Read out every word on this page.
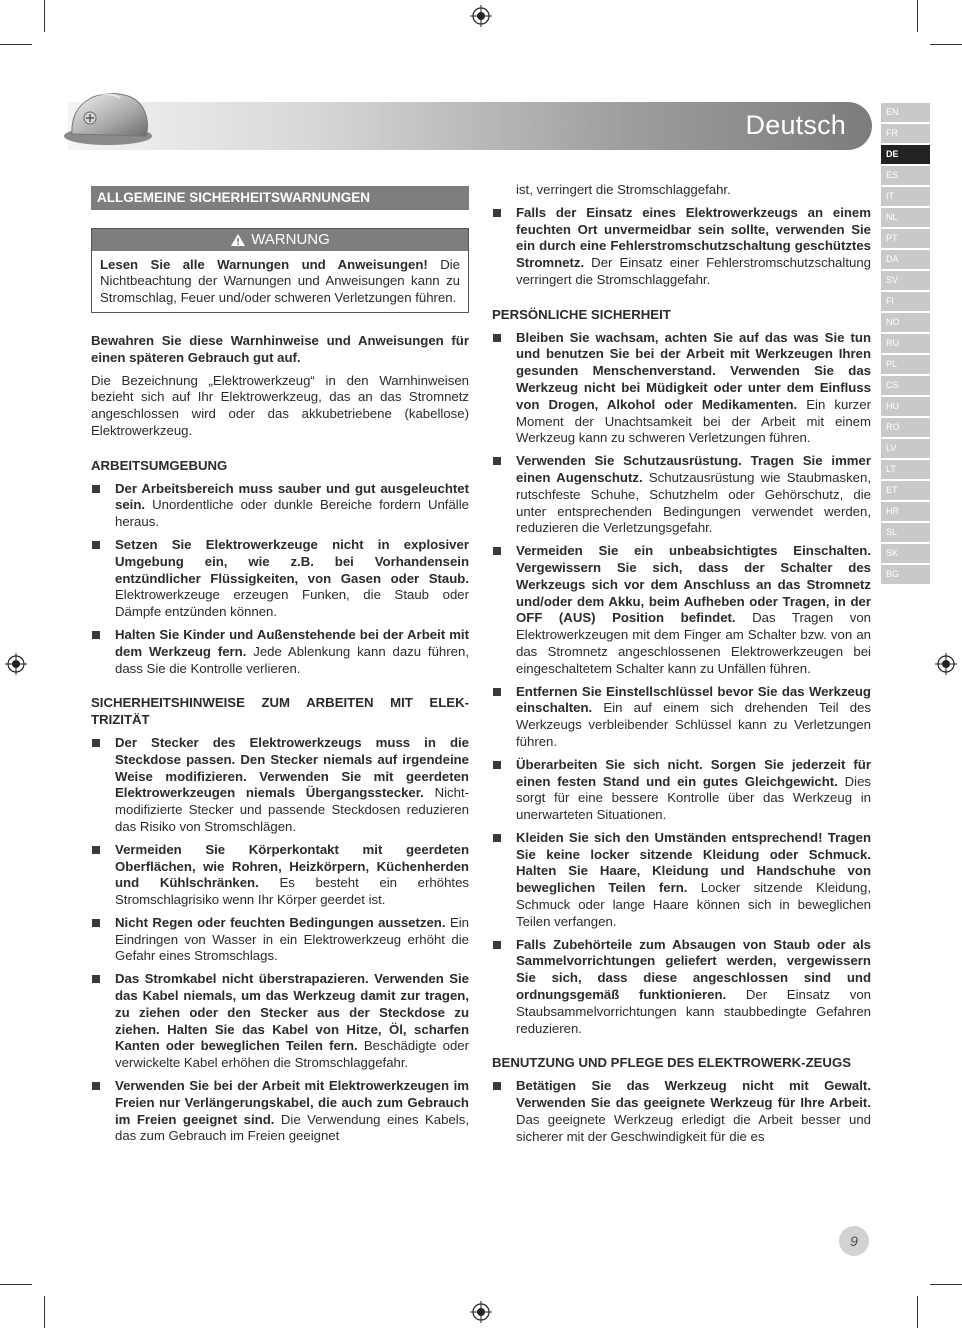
Deutsch	EN
FR
DE
ES
IT
NL
PT
DA
SV
FI
NO
RU
PL
CS
HU
RO
LV
LT
ET
HR
SL
SK
BG
ALLGEMEINE SICHERHEITSWARNUNGEN
WARNUNG
Lesen Sie alle Warnungen und Anweisungen! Die Nichtbeachtung der Warnungen und Anweisungen kann zu Stromschlag, Feuer und/oder schweren Verletzungen führen.

Bewahren Sie diese Warnhinweise und Anweisungen für einen späteren Gebrauch gut auf.

Die Bezeichnung „Elektrowerkzeug“ in den Warnhinweisen bezieht sich auf Ihr Elektrowerkzeug, das an das Stromnetz angeschlossen wird oder das akkubetriebene (kabellose) Elektrowerkzeug.

ARBEITSUMGEBUNG
Der Arbeitsbereich muss sauber und gut ausgeleuchtet sein. Unordentliche oder dunkle Bereiche fordern Unfälle heraus.
Setzen Sie Elektrowerkzeuge nicht in explosiver Umgebung ein, wie z.B. bei Vorhandensein entzündlicher Flüssigkeiten, von Gasen oder Staub. Elektrowerkzeuge erzeugen Funken, die Staub oder Dämpfe entzünden können.
Halten Sie Kinder und Außenstehende bei der Arbeit mit dem Werkzeug fern. Jede Ablenkung kann dazu führen, dass Sie die Kontrolle verlieren.
SICHERHEITSHINWEISE ZUM ARBEITEN MIT ELEK-TRIZITÄT
Der Stecker des Elektrowerkzeugs muss in die Steckdose passen. Den Stecker niemals auf irgendeine Weise modifizieren. Verwenden Sie mit geerdeten Elektrowerkzeugen niemals Übergangsstecker. Nicht-modifizierte Stecker und passende Steckdosen reduzieren das Risiko von Stromschlägen.
Vermeiden Sie Körperkontakt mit geerdeten Oberflächen, wie Rohren, Heizkörpern, Küchenherden und Kühlschränken. Es besteht ein erhöhtes Stromschlagrisiko wenn Ihr Körper geerdet ist.
Nicht Regen oder feuchten Bedingungen aussetzen. Ein Eindringen von Wasser in ein Elektrowerkzeug erhöht die Gefahr eines Stromschlags.
Das Stromkabel nicht überstrapazieren. Verwenden Sie das Kabel niemals, um das Werkzeug damit zur tragen, zu ziehen oder den Stecker aus der Steckdose zu ziehen. Halten Sie das Kabel von Hitze, Öl, scharfen Kanten oder beweglichen Teilen fern. Beschädigte oder verwickelte Kabel erhöhen die Stromschlaggefahr.
Verwenden Sie bei der Arbeit mit Elektrowerkzeugen im Freien nur Verlängerungskabel, die auch zum Gebrauch im Freien geeignet sind. Die Verwendung eines Kabels, das zum Gebrauch im Freien geeignet

ist, verringert die Stromschlaggefahr.

Falls der Einsatz eines Elektrowerkzeugs an einem feuchten Ort unvermeidbar sein sollte, verwenden Sie ein durch eine Fehlerstromschutzschaltung geschütztes Stromnetz. Der Einsatz einer Fehlerstromschutzschaltung verringert die Stromschlaggefahr.
PERSÖNLICHE SICHERHEIT
Bleiben Sie wachsam, achten Sie auf das was Sie tun und benutzen Sie bei der Arbeit mit Werkzeugen Ihren gesunden Menschenverstand. Verwenden Sie das Werkzeug nicht bei Müdigkeit oder unter dem Einfluss von Drogen, Alkohol oder Medikamenten. Ein kurzer Moment der Unachtsamkeit bei der Arbeit mit einem Werkzeug kann zu schweren Verletzungen führen.
Verwenden Sie Schutzausrüstung. Tragen Sie immer einen Augenschutz. Schutzausrüstung wie Staubmasken, rutschfeste Schuhe, Schutzhelm oder Gehörschutz, die unter entsprechenden Bedingungen verwendet werden, reduzieren die Verletzungsgefahr.
Vermeiden Sie ein unbeabsichtigtes Einschalten. Vergewissern Sie sich, dass der Schalter des Werkzeugs sich vor dem Anschluss an das Stromnetz und/oder dem Akku, beim Aufheben oder Tragen, in der OFF (AUS) Position befindet. Das Tragen von Elektrowerkzeugen mit dem Finger am Schalter bzw. von an das Stromnetz angeschlossenen Elektrowerkzeugen bei eingeschaltetem Schalter kann zu Unfällen führen.
Entfernen Sie Einstellschlüssel bevor Sie das Werkzeug einschalten. Ein auf einem sich drehenden Teil des Werkzeugs verbleibender Schlüssel kann zu Verletzungen führen.
Überarbeiten Sie sich nicht. Sorgen Sie jederzeit für einen festen Stand und ein gutes Gleichgewicht. Dies sorgt für eine bessere Kontrolle über das Werkzeug in unerwarteten Situationen.
Kleiden Sie sich den Umständen entsprechend! Tragen Sie keine locker sitzende Kleidung oder Schmuck. Halten Sie Haare, Kleidung und Handschuhe von beweglichen Teilen fern. Locker sitzende Kleidung, Schmuck oder lange Haare können sich in beweglichen Teilen verfangen.
Falls Zubehörteile zum Absaugen von Staub oder als Sammelvorrichtungen geliefert werden, vergewissern Sie sich, dass diese angeschlossen sind und ordnungsgemäß funktionieren. Der Einsatz von Staubsammelvorrichtungen kann staubbedingte Gefahren reduzieren.
BENUTZUNG UND PFLEGE DES ELEKTROWERK-ZEUGS
Betätigen Sie das Werkzeug nicht mit Gewalt. Verwenden Sie das geeignete Werkzeug für Ihre Arbeit. Das geeignete Werkzeug erledigt die Arbeit besser und sicherer mit der Geschwindigkeit für die es
9
